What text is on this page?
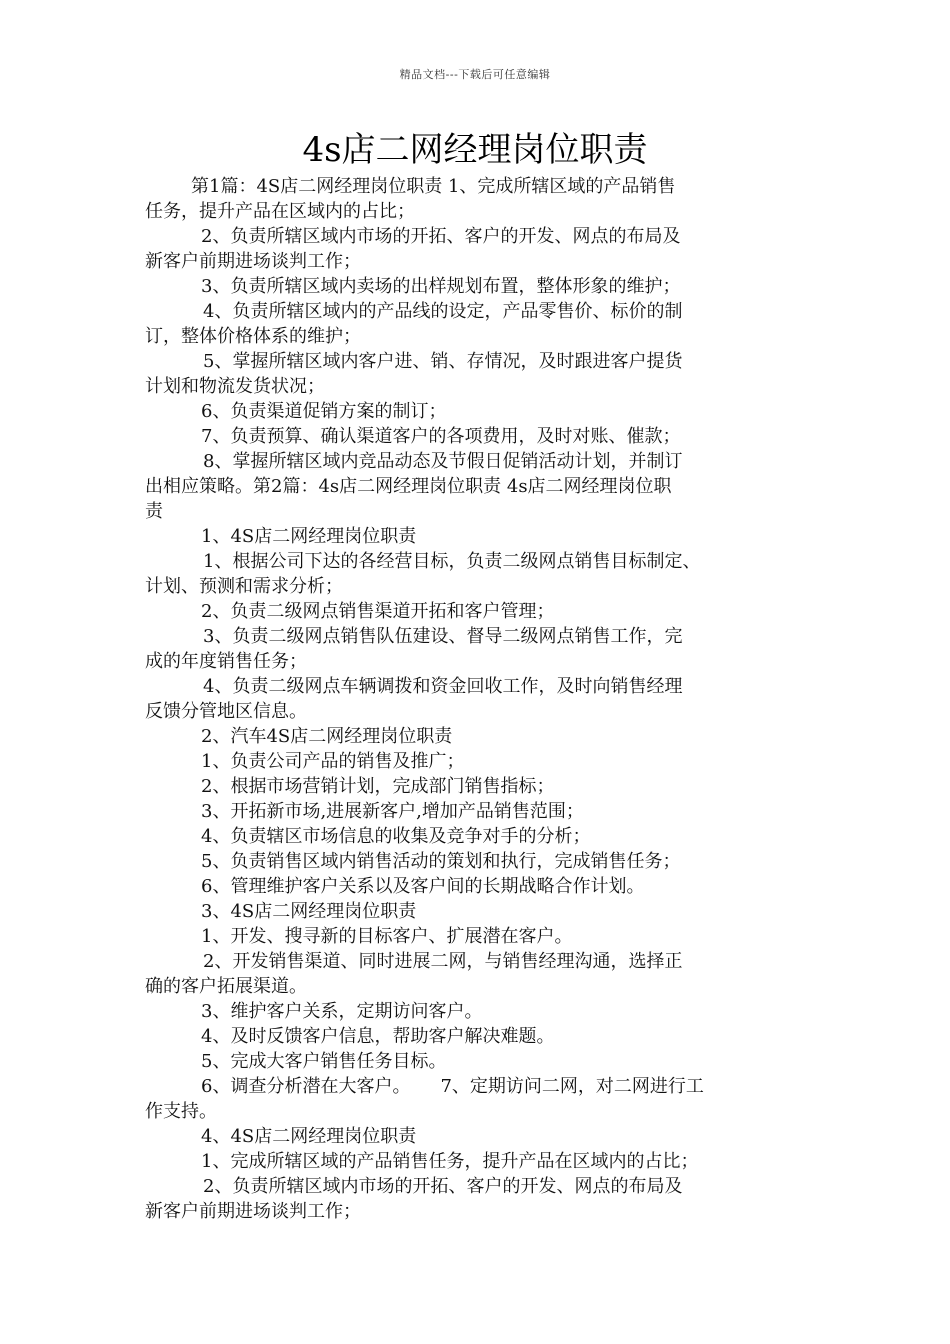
精品文档---下载后可任意编辑
4s店二网经理岗位职责

第1篇：4S店二网经理岗位职责 1、完成所辖区域的产品销售

任务，提升产品在区域内的占比；

2、负责所辖区域内市场的开拓、客户的开发、网点的布局及

新客户前期进场谈判工作；

3、负责所辖区域内卖场的出样规划布置，整体形象的维护；

4、负责所辖区域内的产品线的设定，产品零售价、标价的制

订，整体价格体系的维护；

5、掌握所辖区域内客户进、销、存情况，及时跟进客户提货

计划和物流发货状况；

6、负责渠道促销方案的制订；

7、负责预算、确认渠道客户的各项费用，及时对账、催款；

8、掌握所辖区域内竞品动态及节假日促销活动计划，并制订

出相应策略。第2篇：4s店二网经理岗位职责 4s店二网经理岗位职

责

1、4S店二网经理岗位职责

1、根据公司下达的各经营目标，负责二级网点销售目标制定、

计划、预测和需求分析；

2、负责二级网点销售渠道开拓和客户管理；

3、负责二级网点销售队伍建设、督导二级网点销售工作，完

成的年度销售任务；

4、负责二级网点车辆调拨和资金回收工作，及时向销售经理

反馈分管地区信息。

2、汽车4S店二网经理岗位职责

1、负责公司产品的销售及推广；

2、根据市场营销计划，完成部门销售指标；

3、开拓新市场,进展新客户,增加产品销售范围；

4、负责辖区市场信息的收集及竞争对手的分析；

5、负责销售区域内销售活动的策划和执行，完成销售任务；

6、管理维护客户关系以及客户间的长期战略合作计划。

3、4S店二网经理岗位职责

1、开发、搜寻新的目标客户、扩展潜在客户。

2、开发销售渠道、同时进展二网，与销售经理沟通，选择正

确的客户拓展渠道。

3、维护客户关系，定期访问客户。

4、及时反馈客户信息，帮助客户解决难题。

5、完成大客户销售任务目标。

6、调查分析潜在大客户。 7、定期访问二网，对二网进行工

作支持。

4、4S店二网经理岗位职责

1、完成所辖区域的产品销售任务，提升产品在区域内的占比；

2、负责所辖区域内市场的开拓、客户的开发、网点的布局及

新客户前期进场谈判工作；
